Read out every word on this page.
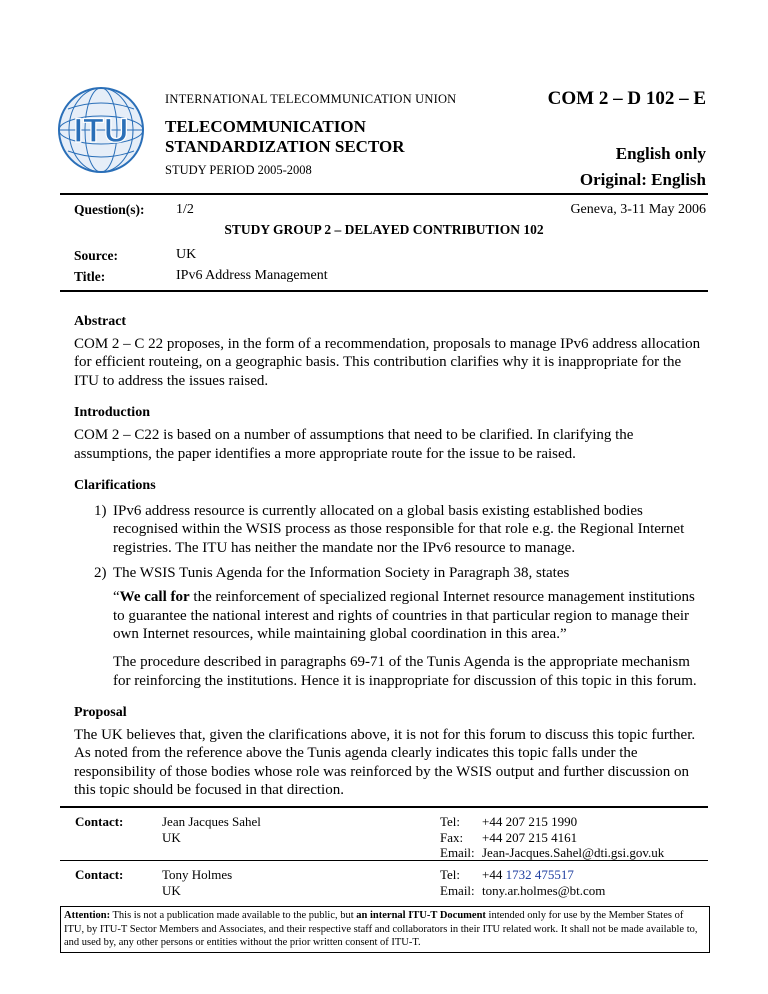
ITU
INTERNATIONAL TELECOMMUNICATION UNION	COM 2 – D 102 – E
TELECOMMUNICATION
STANDARDIZATION SECTOR
STUDY PERIOD 2005-2008
English only
Original: English
Question(s): 1/2	Geneva, 3-11 May 2006
STUDY GROUP 2 – DELAYED CONTRIBUTION 102
Source:	UK
Title:	IPv6 Address Management

Abstract

COM 2 – C 22 proposes, in the form of a recommendation, proposals to manage IPv6 address allocation for efficient routeing, on a geographic basis. This contribution clarifies why it is inappropriate for the ITU to address the issues raised.

Introduction

COM 2 – C22 is based on a number of assumptions that need to be clarified. In clarifying the assumptions, the paper identifies a more appropriate route for the issue to be raised.

Clarifications

1) IPv6 address resource is currently allocated on a global basis existing established bodies recognised within the WSIS process as those responsible for that role e.g. the Regional Internet registries. The ITU has neither the mandate nor the IPv6 resource to manage.
2) The WSIS Tunis Agenda for the Information Society in Paragraph 38, states

“We call for the reinforcement of specialized regional Internet resource management institutions to guarantee the national interest and rights of countries in that particular region to manage their own Internet resources, while maintaining global coordination in this area.”

The procedure described in paragraphs 69-71 of the Tunis Agenda is the appropriate mechanism for reinforcing the institutions. Hence it is inappropriate for discussion of this topic in this forum.

Proposal

The UK believes that, given the clarifications above, it is not for this forum to discuss this topic further. As noted from the reference above the Tunis agenda clearly indicates this topic falls under the responsibility of those bodies whose role was reinforced by the WSIS output and further discussion on this topic should be focused in that direction.

Contact:	Jean Jacques Sahel
UK
Tel: +44 207 215 1990
Fax: +44 207 215 4161
Email: Jean-Jacques.Sahel@dti.gsi.gov.uk
Contact:	Tony Holmes
UK
Tel: +44 1732 475517
Email: tony.ar.holmes@bt.com
Attention: This is not a publication made available to the public, but an internal ITU-T Document intended only for use by the Member States of ITU, by ITU-T Sector Members and Associates, and their respective staff and collaborators in their ITU related work. It shall not be made available to, and used by, any other persons or entities without the prior written consent of ITU-T.
